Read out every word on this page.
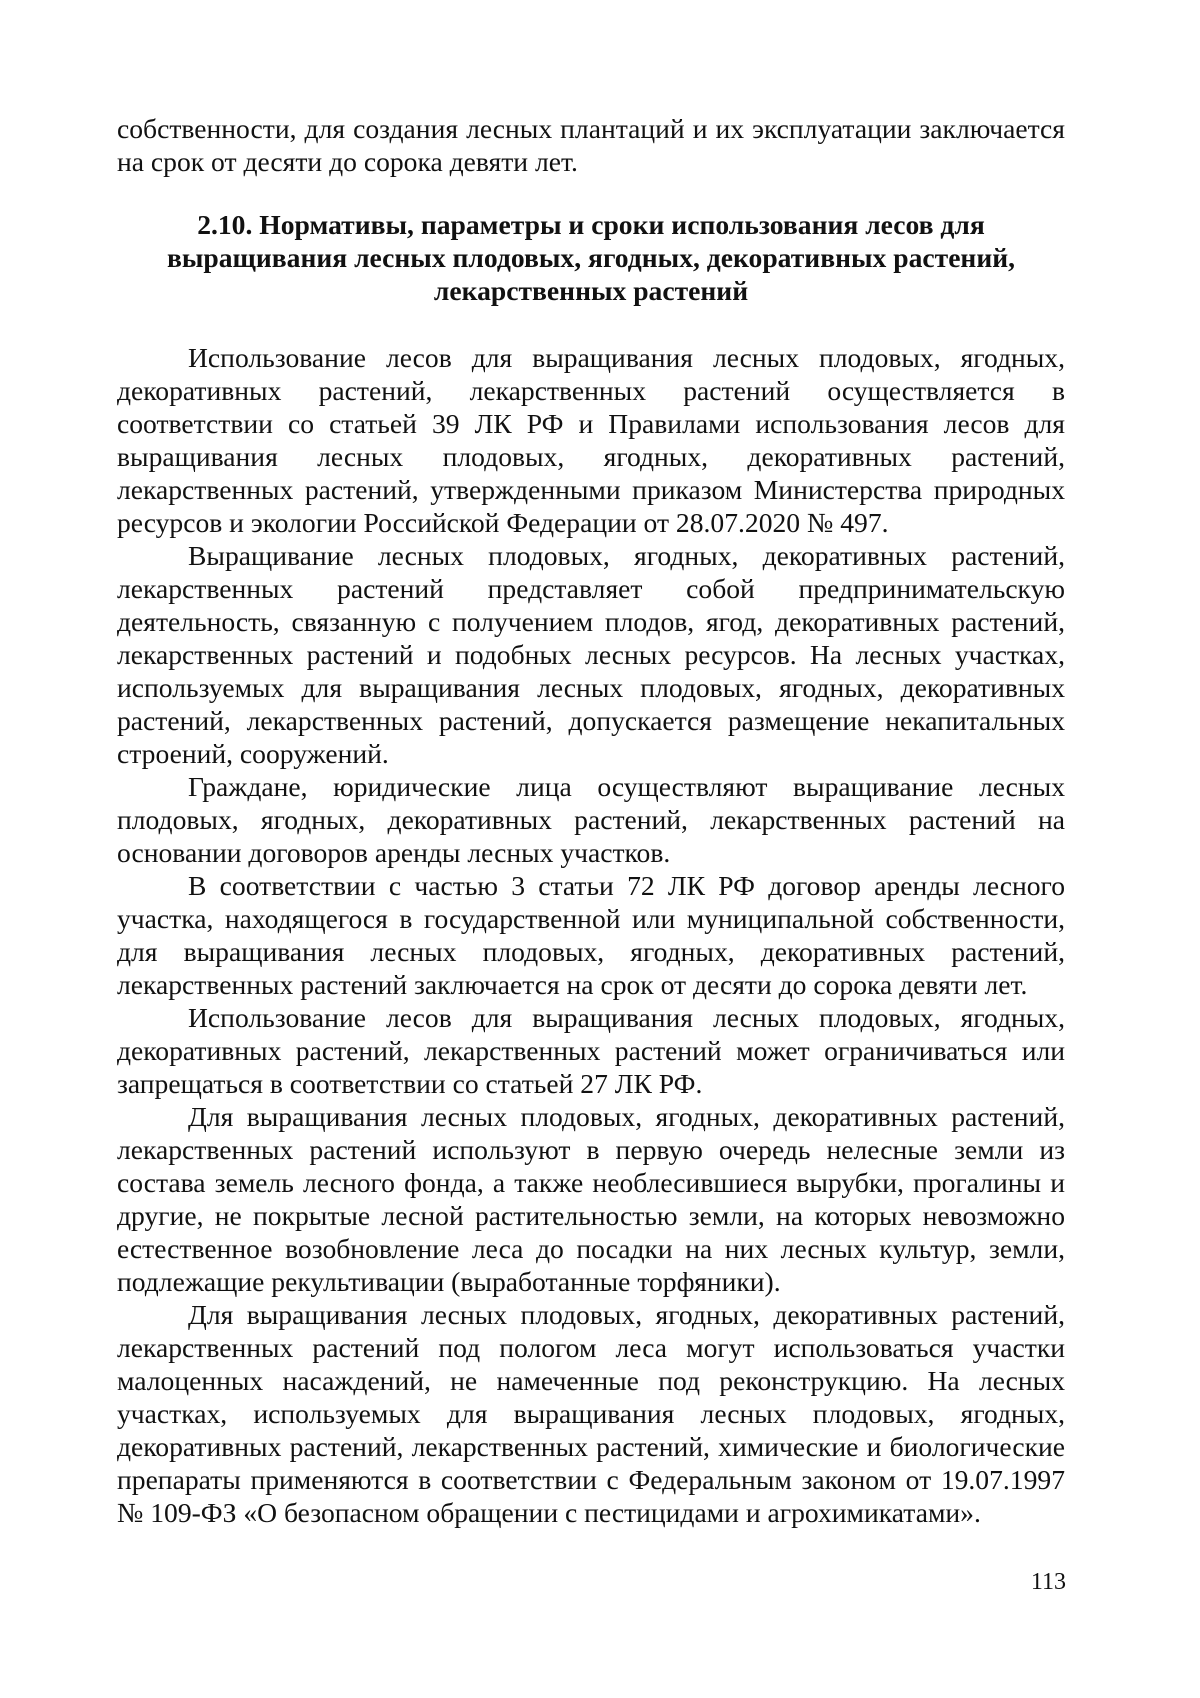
собственности, для создания лесных плантаций и их эксплуатации заключается на срок от десяти до сорока девяти лет.

2.10. Нормативы, параметры и сроки использования лесов для выращивания лесных плодовых, ягодных, декоративных растений, лекарственных растений

Использование лесов для выращивания лесных плодовых, ягодных, декоративных растений, лекарственных растений осуществляется в соответствии со статьей 39 ЛК РФ и Правилами использования лесов для выращивания лесных плодовых, ягодных, декоративных растений, лекарственных растений, утвержденными приказом Министерства природных ресурсов и экологии Российской Федерации от 28.07.2020 № 497.

Выращивание лесных плодовых, ягодных, декоративных растений, лекарственных растений представляет собой предпринимательскую деятельность, связанную с получением плодов, ягод, декоративных растений, лекарственных растений и подобных лесных ресурсов. На лесных участках, используемых для выращивания лесных плодовых, ягодных, декоративных растений, лекарственных растений, допускается размещение некапитальных строений, сооружений.

Граждане, юридические лица осуществляют выращивание лесных плодовых, ягодных, декоративных растений, лекарственных растений на основании договоров аренды лесных участков.

В соответствии с частью 3 статьи 72 ЛК РФ договор аренды лесного участка, находящегося в государственной или муниципальной собственности, для выращивания лесных плодовых, ягодных, декоративных растений, лекарственных растений заключается на срок от десяти до сорока девяти лет.

Использование лесов для выращивания лесных плодовых, ягодных, декоративных растений, лекарственных растений может ограничиваться или запрещаться в соответствии со статьей 27 ЛК РФ.

Для выращивания лесных плодовых, ягодных, декоративных растений, лекарственных растений используют в первую очередь нелесные земли из состава земель лесного фонда, а также необлесившиеся вырубки, прогалины и другие, не покрытые лесной растительностью земли, на которых невозможно естественное возобновление леса до посадки на них лесных культур, земли, подлежащие рекультивации (выработанные торфяники).

Для выращивания лесных плодовых, ягодных, декоративных растений, лекарственных растений под пологом леса могут использоваться участки малоценных насаждений, не намеченные под реконструкцию. На лесных участках, используемых для выращивания лесных плодовых, ягодных, декоративных растений, лекарственных растений, химические и биологические препараты применяются в соответствии с Федеральным законом от 19.07.1997 № 109-ФЗ «О безопасном обращении с пестицидами и агрохимикатами».

113
